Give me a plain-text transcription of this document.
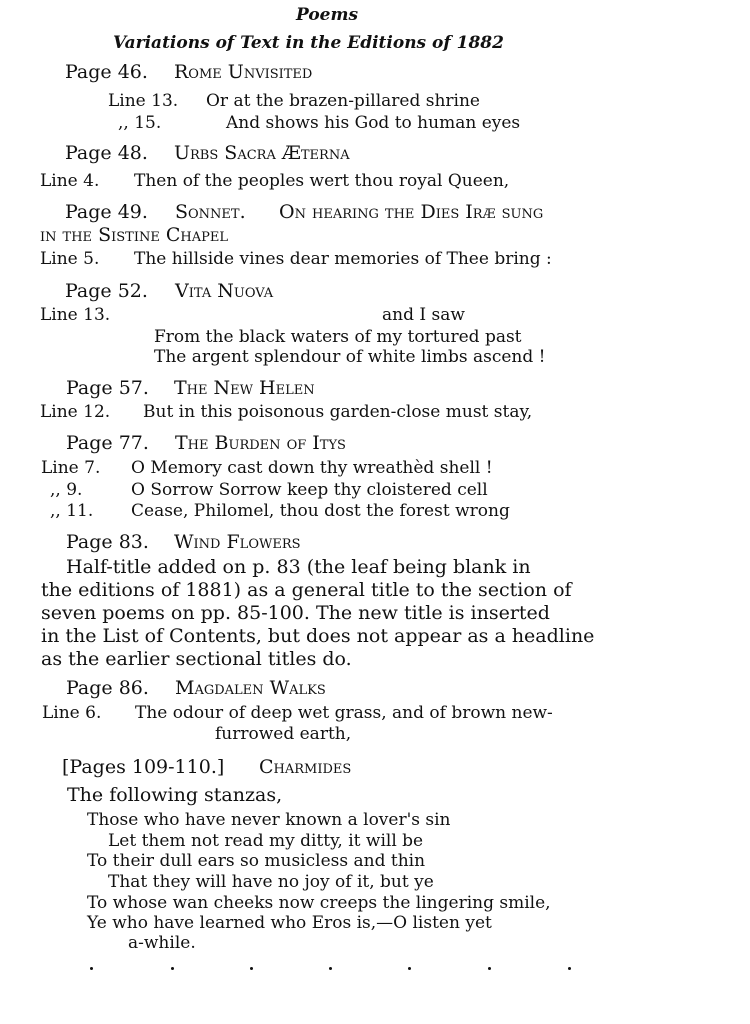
Poems
Variations of Text in the Editions of 1882
Page 46. Rome Unvisited
Line 13. Or at the brazen-pillared shrine
,, 15.	And shows his God to human eyes
Page 48. Urbs Sacra Æterna
Line 4. Then of the peoples wert thou royal Queen,
Page 49. Sonnet. On hearing the Dies Iræ sung
in the Sistine Chapel
Line 5. The hillside vines dear memories of Thee bring :
Page 52. Vita Nuova
Line 13.	and I saw
From the black waters of my tortured past
The argent splendour of white limbs ascend !
Page 57. The New Helen
Line 12. But in this poisonous garden-close must stay,
Page 77. The Burden of Itys
Line 7. O Memory cast down thy wreathèd shell !
,, 9.	O Sorrow Sorrow keep thy cloistered cell
,, 11. Cease, Philomel, thou dost the forest wrong
Page 83. Wind Flowers
Half-title added on p. 83 (the leaf being blank in
the editions of 1881) as a general title to the section of
seven poems on pp. 85-100. The new title is inserted
in the List of Contents, but does not appear as a headline
as the earlier sectional titles do.
Page 86. Magdalen Walks
Line 6. The odour of deep wet grass, and of brown new-
furrowed earth,
[Pages 109-110.] Charmides
The following stanzas,
Those who have never known a lover's sin
Let them not read my ditty, it will be
To their dull ears so musicless and thin
That they will have no joy of it, but ye
To whose wan cheeks now creeps the lingering smile,
Ye who have learned who Eros is,—O listen yet
a-while.
